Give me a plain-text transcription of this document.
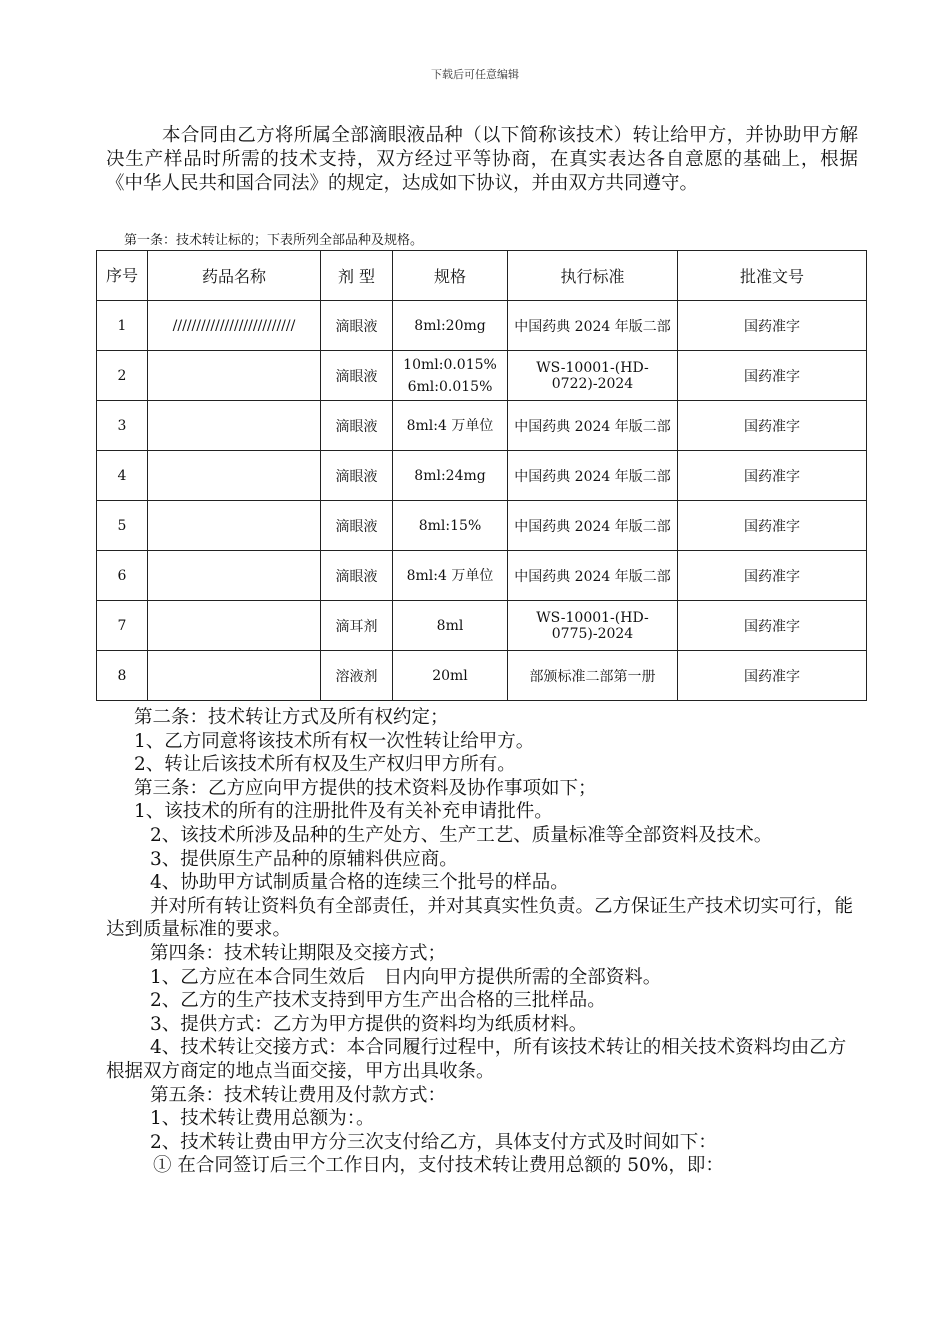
下载后可任意编辑

本合同由乙方将所属全部滴眼液品种（以下简称该技术）转让给甲方，并协助甲方解决生产样品时所需的技术支持，双方经过平等协商，在真实表达各自意愿的基础上，根据《中华人民共和国合同法》的规定，达成如下协议，并由双方共同遵守。

第一条：技术转让标的；下表所列全部品种及规格。

序号	药品名称	剂 型	规格	执行标准	批准文号
1	//////////////////////////	滴眼液	8ml:20mg	中国药典 2024 年版二部	国药准字
2		滴眼液	10ml:0.015%
6ml:0.015%	WS-10001-(HD-0722)-2024	国药准字
3		滴眼液	8ml:4 万单位	中国药典 2024 年版二部	国药准字
4		滴眼液	8ml:24mg	中国药典 2024 年版二部	国药准字
5		滴眼液	8ml:15%	中国药典 2024 年版二部	国药准字
6		滴眼液	8ml:4 万单位	中国药典 2024 年版二部	国药准字
7		滴耳剂	8ml	WS-10001-(HD-0775)-2024	国药准字
8		溶液剂	20ml	部颁标准二部第一册	国药准字

第二条：技术转让方式及所有权约定；

1、乙方同意将该技术所有权一次性转让给甲方。

2、转让后该技术所有权及生产权归甲方所有。

第三条：乙方应向甲方提供的技术资料及协作事项如下；

1、该技术的所有的注册批件及有关补充申请批件。

2、该技术所涉及品种的生产处方、生产工艺、质量标准等全部资料及技术。

3、提供原生产品种的原辅料供应商。

4、协助甲方试制质量合格的连续三个批号的样品。

并对所有转让资料负有全部责任，并对其真实性负责。乙方保证生产技术切实可行，能达到质量标准的要求。

第四条：技术转让期限及交接方式；

1、乙方应在本合同生效后　日内向甲方提供所需的全部资料。

2、乙方的生产技术支持到甲方生产出合格的三批样品。

3、提供方式：乙方为甲方提供的资料均为纸质材料。

4、技术转让交接方式：本合同履行过程中，所有该技术转让的相关技术资料均由乙方根据双方商定的地点当面交接，甲方出具收条。

第五条：技术转让费用及付款方式：

1、技术转让费用总额为：。

2、技术转让费由甲方分三次支付给乙方，具体支付方式及时间如下：

① 在合同签订后三个工作日内，支付技术转让费用总额的 50%，即：
